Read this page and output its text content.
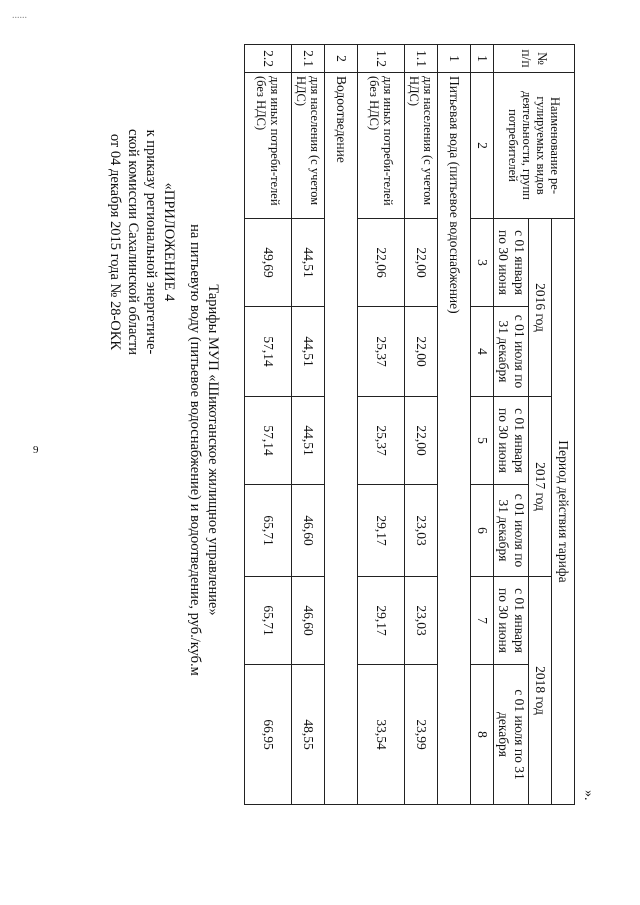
9
......
«ПРИЛОЖЕНИЕ 4
к приказу региональной энергетиче-
ской комиссии Сахалинской области
от 04 декабря 2015 года № 28-ОКК
Тарифы МУП «Шикотанское жилищное управление»
на питьевую воду (питьевое водоснабжение) и водоотведение, руб./куб.м
№ п/п	Наименование ре-гулируемых видов деятельности, групп потребителей	Период действия тарифа					
		2016 год		2017 год		2018 год	
		с 01 января по 30 июня	с 01 июля по 31 декабря	с 01 января по 30 июня	с 01 июля по 31 декабря	с 01 января по 30 июня	с 01 июля по 31 декабря
1	2	3	4	5	6	7	8
1	Питьевая вода (питьевое водоснабжение)						
1.1	для населения (с учетом НДС)	22,00	22,00	22,00	23,03	23,03	23,99
1.2	для иных потреби-телей (без НДС)	22,06	25,37	25,37	29,17	29,17	33,54
2	Водоотведение						
2.1	для населения (с учетом НДС)	44,51	44,51	44,51	46,60	46,60	48,55
2.2	для иных потреби-телей (без НДС)	49,69	57,14	57,14	65,71	65,71	66,95
».
